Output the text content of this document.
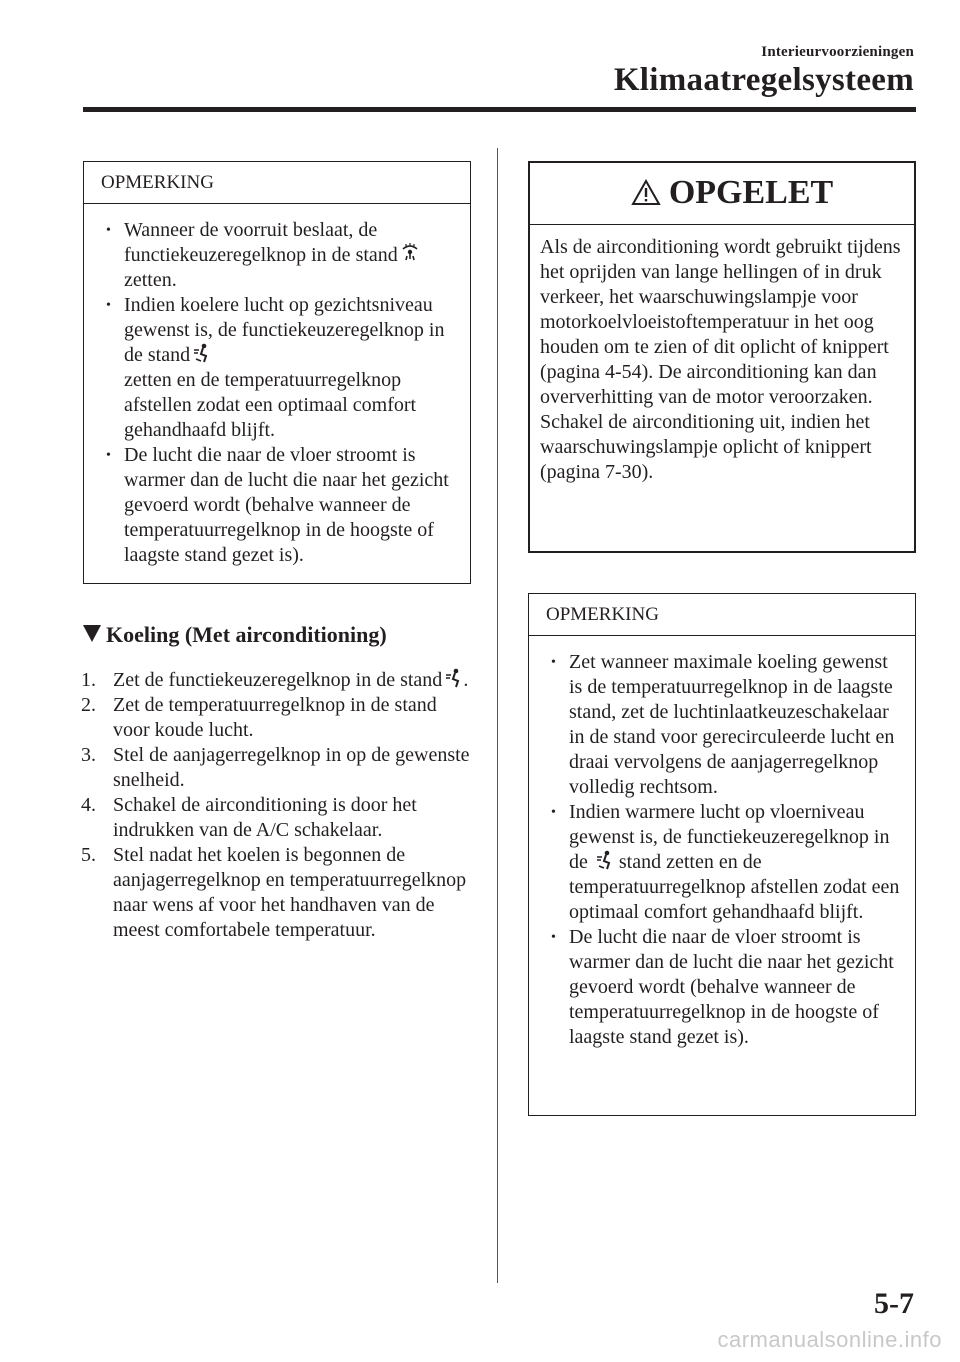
Interieurvoorzieningen
Klimaatregelsysteem
OPMERKING
• Wanneer de voorruit beslaat, de functiekeuzeregelknop in de stand
zetten.
• Indien koelere lucht op gezichtsniveau gewenst is, de functiekeuzeregelknop in de stand
zetten en de temperatuurregelknop afstellen zodat een optimaal comfort gehandhaafd blijft.
• De lucht die naar de vloer stroomt is warmer dan de lucht die naar het gezicht gevoerd wordt (behalve wanneer de temperatuurregelknop in de hoogste of laagste stand gezet is).
Koeling (Met airconditioning)
1. Zet de functiekeuzeregelknop in de stand .
2. Zet de temperatuurregelknop in de stand voor koude lucht.
3. Stel de aanjagerregelknop in op de gewenste snelheid.
4. Schakel de airconditioning is door het indrukken van de A/C schakelaar.
5. Stel nadat het koelen is begonnen de aanjagerregelknop en temperatuurregelknop naar wens af voor het handhaven van de meest comfortabele temperatuur.
OPGELET
Als de airconditioning wordt gebruikt tijdens het oprijden van lange hellingen of in druk verkeer, het waarschuwingslampje voor motorkoelvloeistoftemperatuur in het oog houden om te zien of dit oplicht of knippert (pagina 4-54). De airconditioning kan dan oververhitting van de motor veroorzaken. Schakel de airconditioning uit, indien het waarschuwingslampje oplicht of knippert (pagina 7-30).
OPMERKING
• Zet wanneer maximale koeling gewenst is de temperatuurregelknop in de laagste stand, zet de luchtinlaatkeuzeschakelaar in de stand voor gerecirculeerde lucht en draai vervolgens de aanjagerregelknop volledig rechtsom.
• Indien warmere lucht op vloerniveau gewenst is, de functiekeuzeregelknop in de stand zetten en de temperatuurregelknop afstellen zodat een optimaal comfort gehandhaafd blijft.
• De lucht die naar de vloer stroomt is warmer dan de lucht die naar het gezicht gevoerd wordt (behalve wanneer de temperatuurregelknop in de hoogste of laagste stand gezet is).
5-7
carmanualsonline.info
